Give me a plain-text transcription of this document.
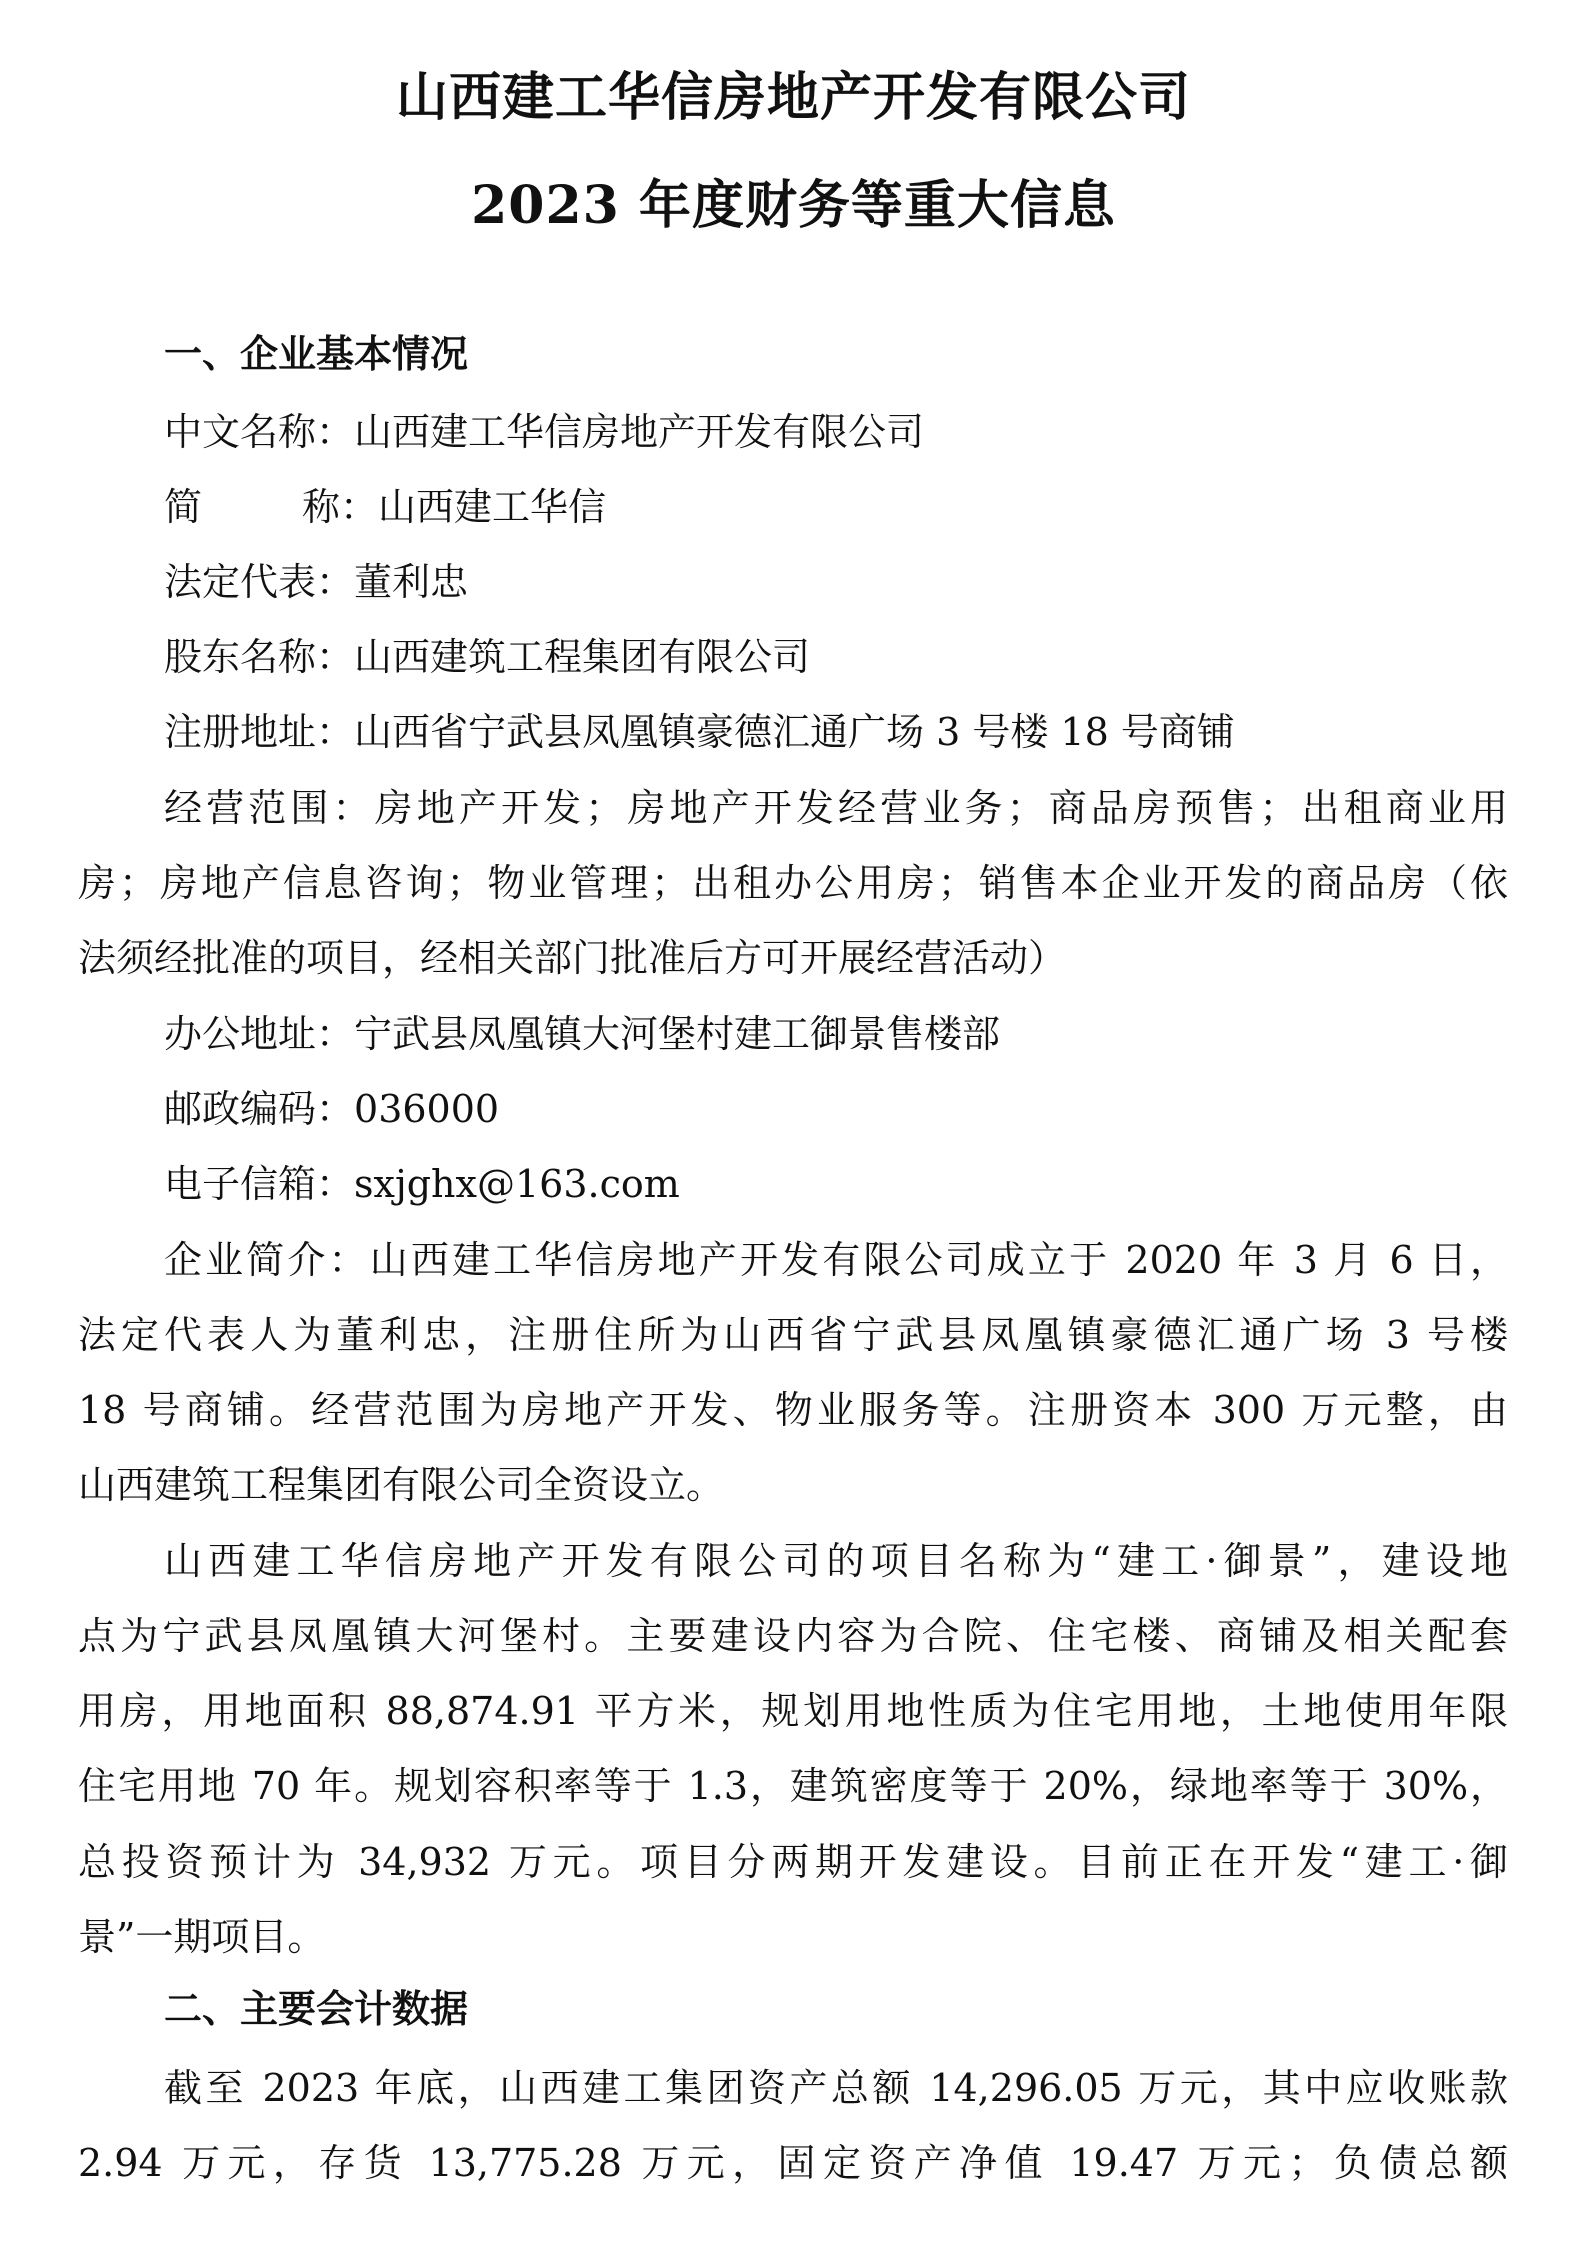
山西建工华信房地产开发有限公司
2023 年度财务等重大信息
一、企业基本情况

中文名称：山西建工华信房地产开发有限公司

简	称：山西建工华信

法定代表：董利忠

股东名称：山西建筑工程集团有限公司

注册地址：山西省宁武县凤凰镇豪德汇通广场 3 号楼 18 号商铺

经营范围：房地产开发；房地产开发经营业务；商品房预售；出租商业用

房；房地产信息咨询；物业管理；出租办公用房；销售本企业开发的商品房（依

法须经批准的项目，经相关部门批准后方可开展经营活动）

办公地址：宁武县凤凰镇大河堡村建工御景售楼部

邮政编码：036000

电子信箱：sxjghx@163.com

企业简介：山西建工华信房地产开发有限公司成立于 2020 年 3 月 6 日，

法定代表人为董利忠，注册住所为山西省宁武县凤凰镇豪德汇通广场 3 号楼

18 号商铺。经营范围为房地产开发、物业服务等。注册资本 300 万元整，由

山西建筑工程集团有限公司全资设立。

山西建工华信房地产开发有限公司的项目名称为“建工·御景”，建设地

点为宁武县凤凰镇大河堡村。主要建设内容为合院、住宅楼、商铺及相关配套

用房，用地面积 88,874.91 平方米，规划用地性质为住宅用地，土地使用年限

住宅用地 70 年。规划容积率等于 1.3，建筑密度等于 20%，绿地率等于 30%，

总投资预计为 34,932 万元。项目分两期开发建设。目前正在开发“建工·御

景”一期项目。

二、主要会计数据

截至 2023 年底，山西建工集团资产总额 14,296.05 万元，其中应收账款

2.94 万元，存货 13,775.28 万元，固定资产净值 19.47 万元；负债总额
